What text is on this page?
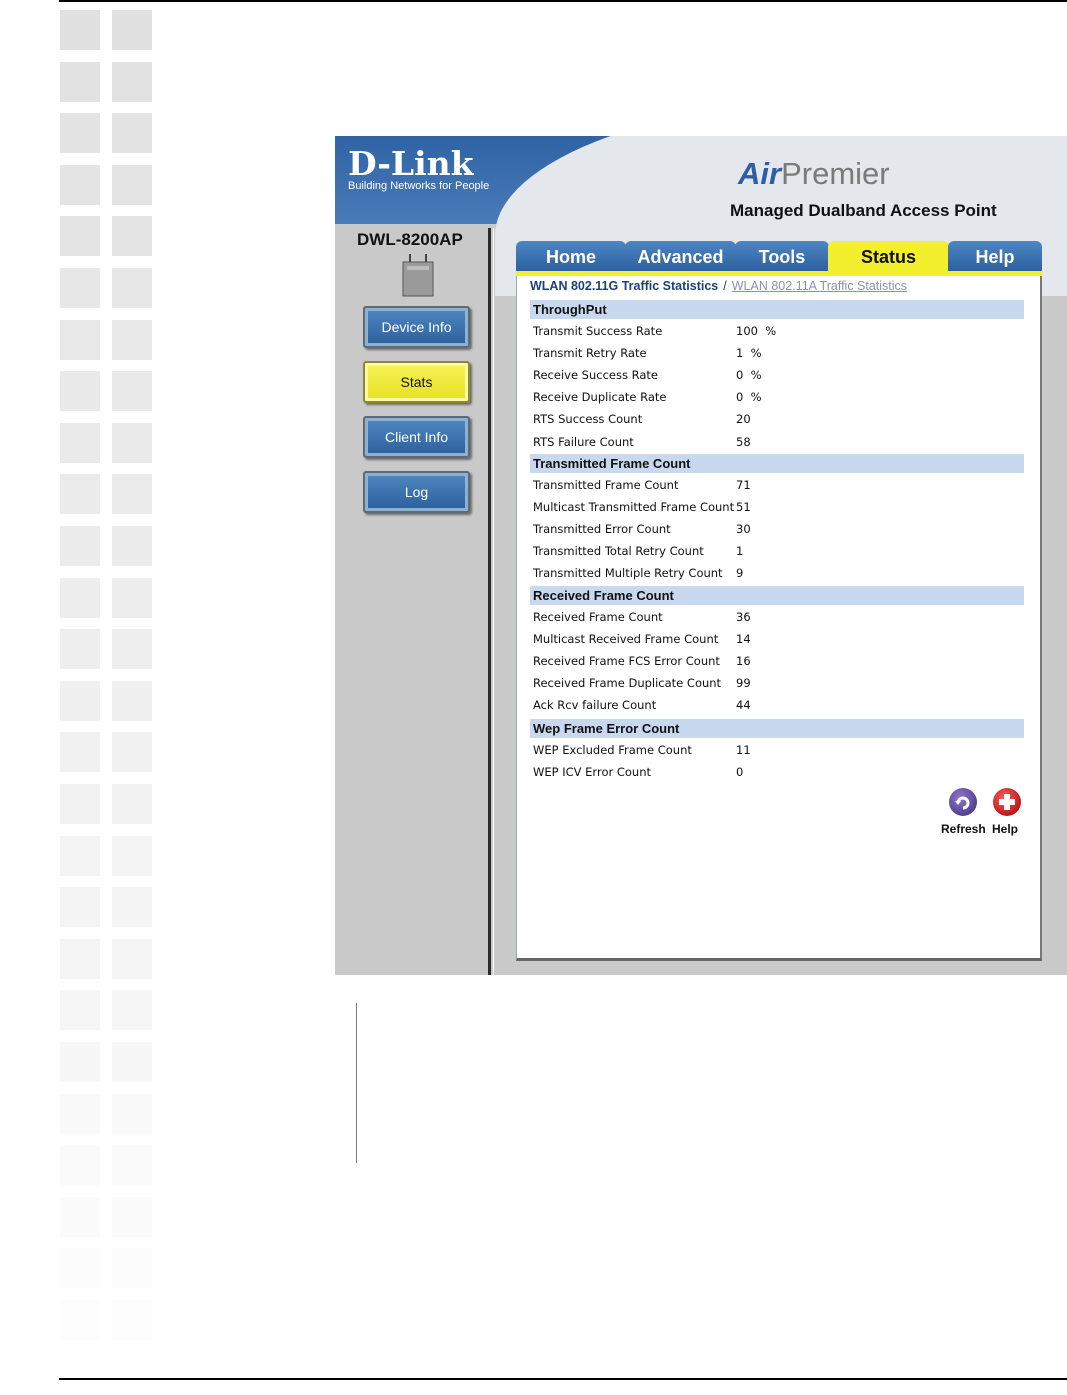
D-Link
Building Networks for People	AirPremier
Managed Dualband Access Point
DWL-8200AP
Device Info
Stats
Client Info
Log
Home	Advanced	Tools	Status	Help
WLAN 802.11G Traffic Statistics / WLAN 802.11A Traffic Statistics
ThroughPut
Transmit Success Rate	100  %
Transmit Retry Rate	1  %
Receive Success Rate	0  %
Receive Duplicate Rate	0  %
RTS Success Count	20
RTS Failure Count	58
Transmitted Frame Count
Transmitted Frame Count	71
Multicast Transmitted Frame Count 51
Transmitted Error Count	30
Transmitted Total Retry Count	1
Transmitted Multiple Retry Count 9
Received Frame Count
Received Frame Count	36
Multicast Received Frame Count 14
Received Frame FCS Error Count 16
Received Frame Duplicate Count 99
Ack Rcv failure Count	44
Wep Frame Error Count
WEP Excluded Frame Count	11
WEP ICV Error Count	0
Refresh Help
